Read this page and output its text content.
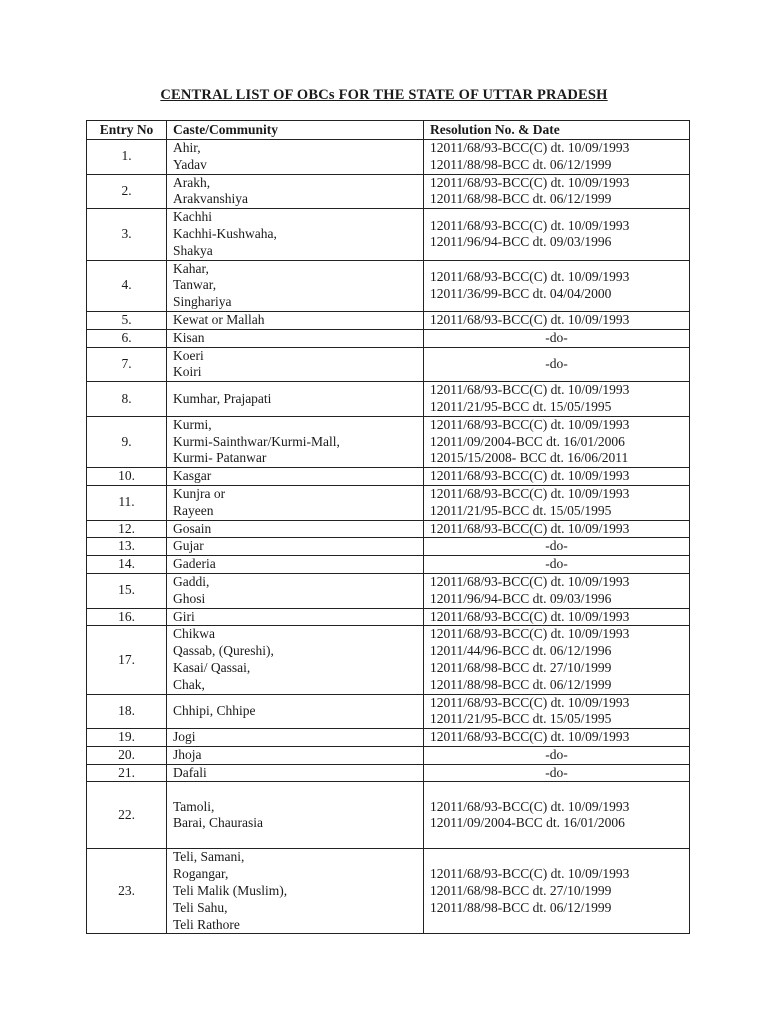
CENTRAL LIST OF OBCs FOR THE STATE OF UTTAR PRADESH
Entry No	Caste/Community	Resolution No. & Date
1.	Ahir,
Yadav	12011/68/93-BCC(C) dt. 10/09/1993
12011/88/98-BCC dt. 06/12/1999

2.	Arakh,
Arakvanshiya	12011/68/93-BCC(C) dt. 10/09/1993
12011/68/98-BCC dt. 06/12/1999

3.	Kachhi
Kachhi-Kushwaha,
Shakya	12011/68/93-BCC(C) dt. 10/09/1993
12011/96/94-BCC dt. 09/03/1996

4.	Kahar,
Tanwar,
Singhariya	12011/68/93-BCC(C) dt. 10/09/1993
12011/36/99-BCC dt. 04/04/2000

5.	Kewat or Mallah	12011/68/93-BCC(C) dt. 10/09/1993

6.	Kisan	-do-

7.	Koeri
Koiri	-do-

8.	Kumhar, Prajapati	12011/68/93-BCC(C) dt. 10/09/1993
12011/21/95-BCC dt. 15/05/1995

9.	Kurmi,
Kurmi-Sainthwar/Kurmi-Mall,
Kurmi- Patanwar	12011/68/93-BCC(C) dt. 10/09/1993
12011/09/2004-BCC dt. 16/01/2006
12015/15/2008- BCC dt. 16/06/2011

10.	Kasgar	12011/68/93-BCC(C) dt. 10/09/1993

11.	Kunjra or
Rayeen	12011/68/93-BCC(C) dt. 10/09/1993
12011/21/95-BCC dt. 15/05/1995

12.	Gosain	12011/68/93-BCC(C) dt. 10/09/1993

13.	Gujar	-do-

14.	Gaderia	-do-

15.	Gaddi,
Ghosi	12011/68/93-BCC(C) dt. 10/09/1993
12011/96/94-BCC dt. 09/03/1996

16.	Giri	12011/68/93-BCC(C) dt. 10/09/1993

17.	Chikwa
Qassab, (Qureshi),
Kasai/ Qassai,
Chak,	12011/68/93-BCC(C) dt. 10/09/1993
12011/44/96-BCC dt. 06/12/1996
12011/68/98-BCC dt. 27/10/1999
12011/88/98-BCC dt. 06/12/1999

18.	Chhipi, Chhipe	12011/68/93-BCC(C) dt. 10/09/1993
12011/21/95-BCC dt. 15/05/1995

19.	Jogi	12011/68/93-BCC(C) dt. 10/09/1993

20.	Jhoja	-do-

21.	Dafali	-do-

22.	Tamoli,
Barai, Chaurasia	12011/68/93-BCC(C) dt. 10/09/1993
12011/09/2004-BCC dt. 16/01/2006

23.	Teli, Samani,
Rogangar,
Teli Malik (Muslim),
Teli Sahu,
Teli Rathore	12011/68/93-BCC(C) dt. 10/09/1993
12011/68/98-BCC dt. 27/10/1999
12011/88/98-BCC dt. 06/12/1999
